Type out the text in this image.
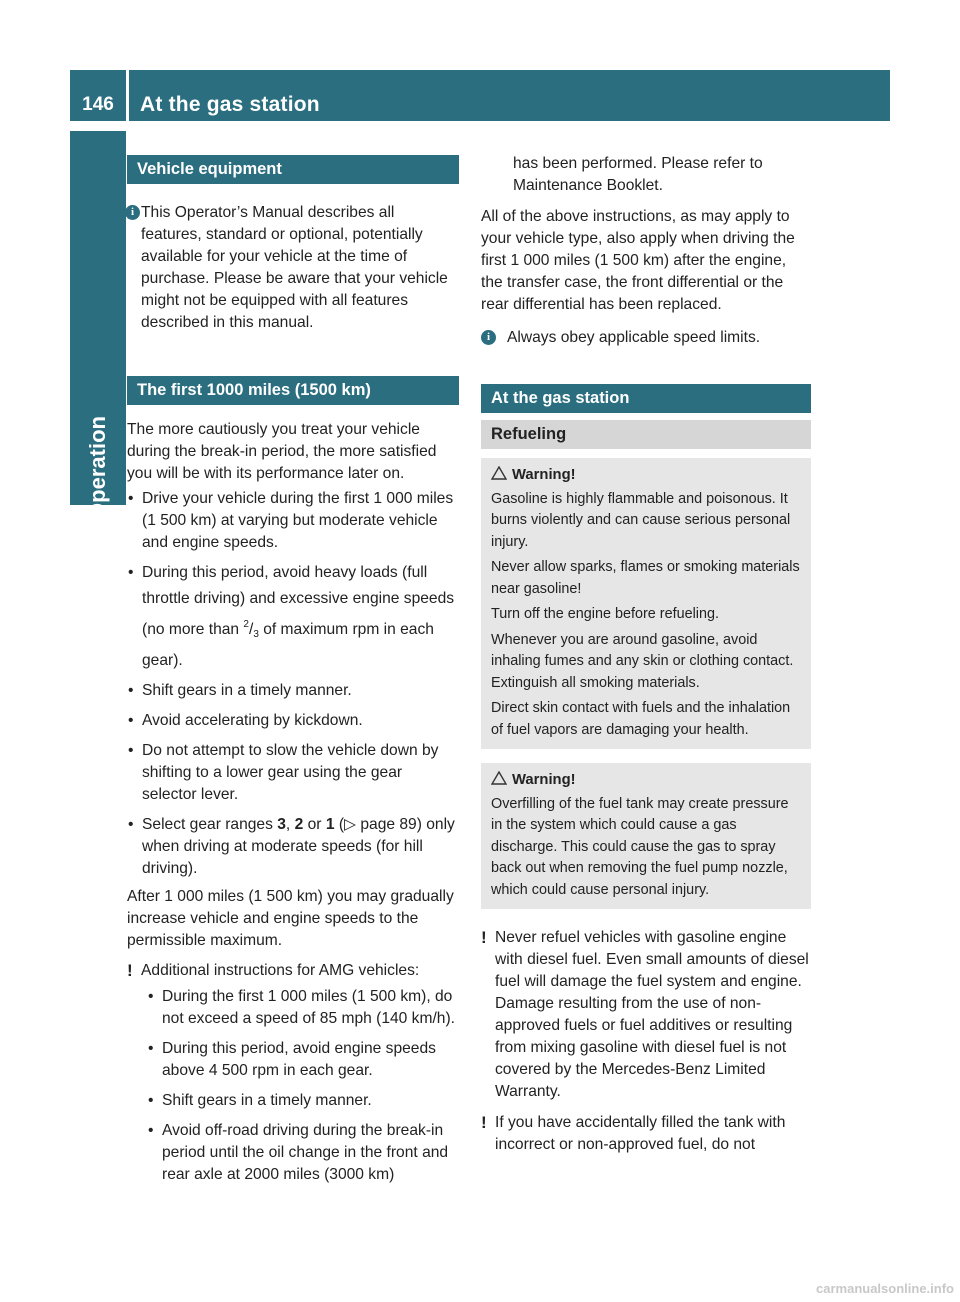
146	At the gas station
Operation
Vehicle equipment
i This Operator’s Manual describes all features, standard or optional, potentially available for your vehicle at the time of purchase. Please be aware that your vehicle might not be equipped with all features described in this manual.

The first 1000 miles (1500 km)

The more cautiously you treat your vehicle during the break-in period, the more satisfied you will be with its performance later on.

• Drive your vehicle during the first 1 000 miles (1 500 km) at varying but moderate vehicle and engine speeds.
• During this period, avoid heavy loads (full throttle driving) and excessive engine speeds (no more than $^2/_3$ of maximum rpm in each gear).
• Shift gears in a timely manner.
• Avoid accelerating by kickdown.
• Do not attempt to slow the vehicle down by shifting to a lower gear using the gear selector lever.
• Select gear ranges 3, 2 or 1 (▷ page 89) only when driving at moderate speeds (for hill driving).

After 1 000 miles (1 500 km) you may gradually increase vehicle and engine speeds to the permissible maximum.

! Additional instructions for AMG vehicles:

• During the first 1 000 miles (1 500 km), do not exceed a speed of 85 mph (140 km/h).
• During this period, avoid engine speeds above 4 500 rpm in each gear.
• Shift gears in a timely manner.
• Avoid off-road driving during the break-in period until the oil change in the front and rear axle at 2000 miles (3000 km)

has been performed. Please refer to Maintenance Booklet.

All of the above instructions, as may apply to your vehicle type, also apply when driving the first 1 000 miles (1 500 km) after the engine, the transfer case, the front differential or the rear differential has been replaced.

i	Always obey applicable speed limits.

At the gas station
Refueling
Warning!

Gasoline is highly flammable and poisonous. It burns violently and can cause serious personal injury.

Never allow sparks, flames or smoking materials near gasoline!

Turn off the engine before refueling.

Whenever you are around gasoline, avoid inhaling fumes and any skin or clothing contact. Extinguish all smoking materials.

Direct skin contact with fuels and the inhalation of fuel vapors are damaging your health.

Warning!

Overfilling of the fuel tank may create pressure in the system which could cause a gas discharge. This could cause the gas to spray back out when removing the fuel pump nozzle, which could cause personal injury.

! Never refuel vehicles with gasoline engine with diesel fuel. Even small amounts of diesel fuel will damage the fuel system and engine. Damage resulting from the use of non-approved fuels or fuel additives or resulting from mixing gasoline with diesel fuel is not covered by the Mercedes-Benz Limited Warranty.

! If you have accidentally filled the tank with incorrect or non-approved fuel, do not

carmanualsonline.info
